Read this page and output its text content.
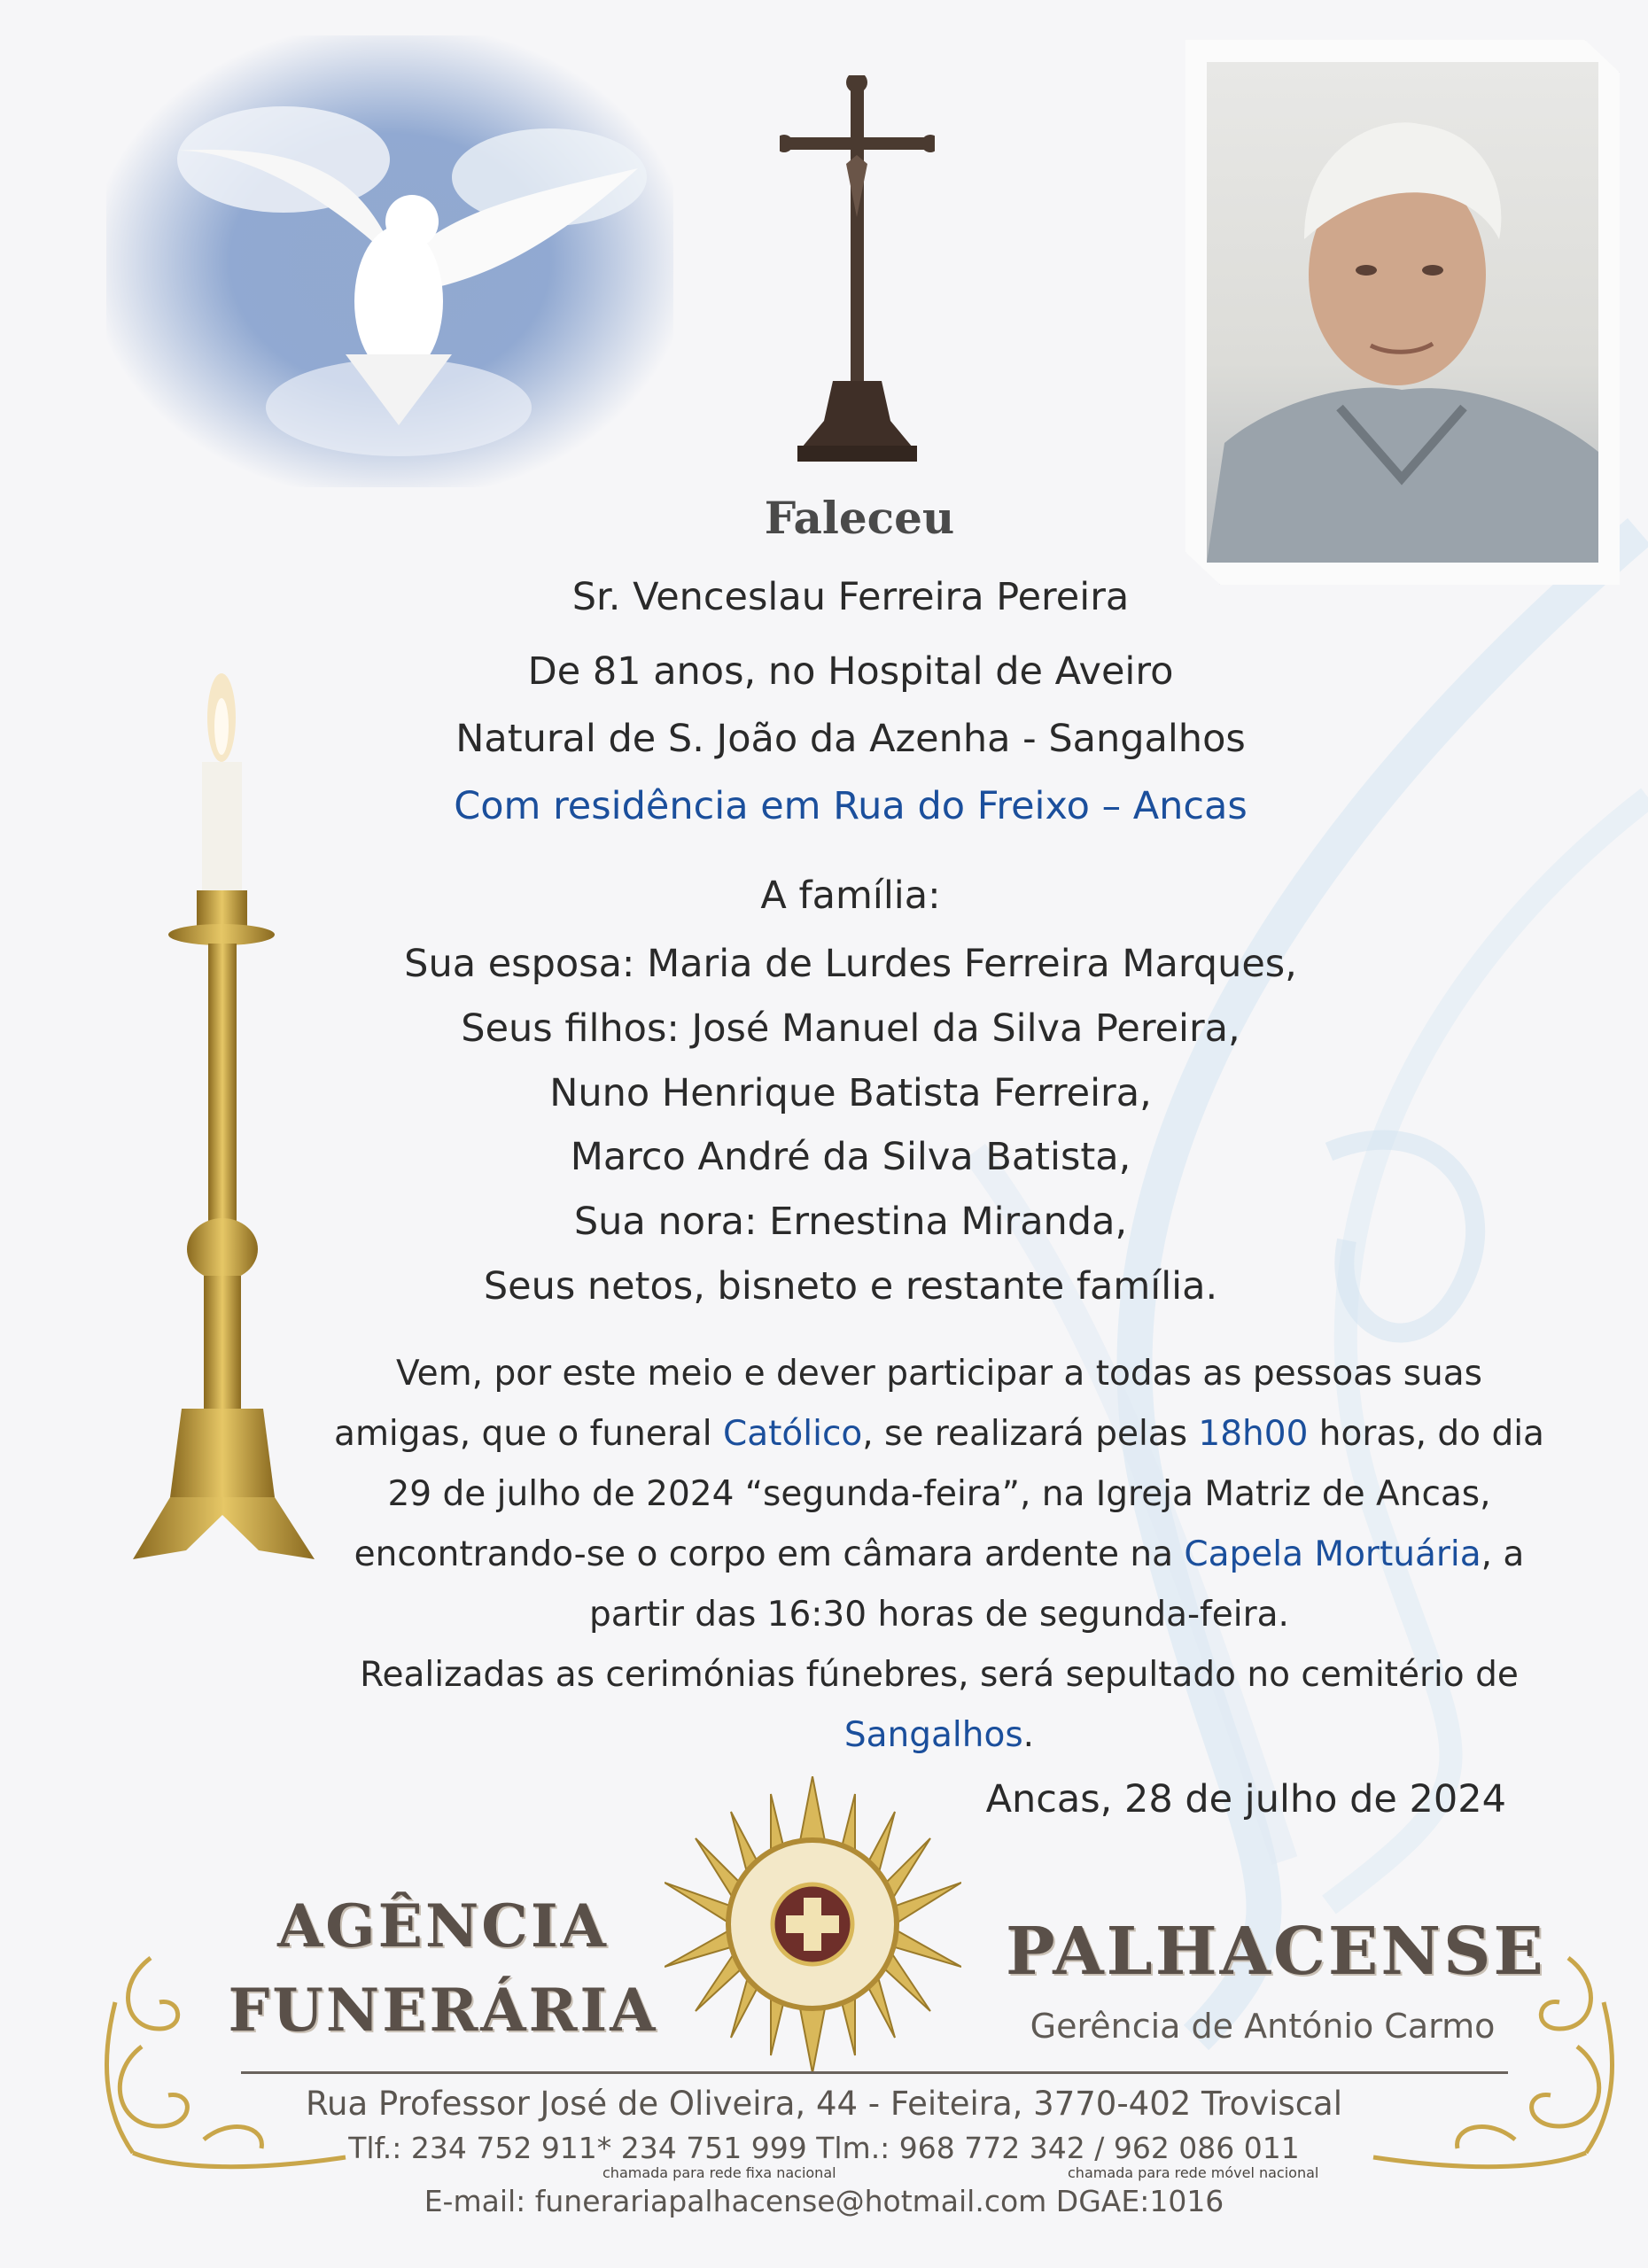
Faleceu
Sr. Venceslau Ferreira Pereira
De 81 anos, no Hospital de Aveiro
Natural de S. João da Azenha - Sangalhos
Com residência em Rua do Freixo – Ancas
A família:
Sua esposa: Maria de Lurdes Ferreira Marques,
Seus filhos: José Manuel da Silva Pereira,
Nuno Henrique Batista Ferreira,
Marco André da Silva Batista,
Sua nora: Ernestina Miranda,
Seus netos, bisneto e restante família.
Vem, por este meio e dever participar a todas as pessoas suas amigas, que o funeral Católico, se realizará pelas 18h00 horas, do dia 29 de julho de 2024 “segunda-feira”, na Igreja Matriz de Ancas, encontrando-se o corpo em câmara ardente na Capela Mortuária, a partir das 16:30 horas de segunda-feira.
Realizadas as cerimónias fúnebres, será sepultado no cemitério de Sangalhos.
Ancas, 28 de julho de 2024
AGÊNCIA
FUNERÁRIA
PALHACENSE
Gerência de António Carmo
Rua Professor José de Oliveira, 44 - Feiteira, 3770-402 Troviscal
Tlf.: 234 752 911* 234 751 999 Tlm.: 968 772 342 / 962 086 011
chamada para rede fixa nacional	chamada para rede móvel nacional
E-mail: funerariapalhacense@hotmail.com DGAE:1016
